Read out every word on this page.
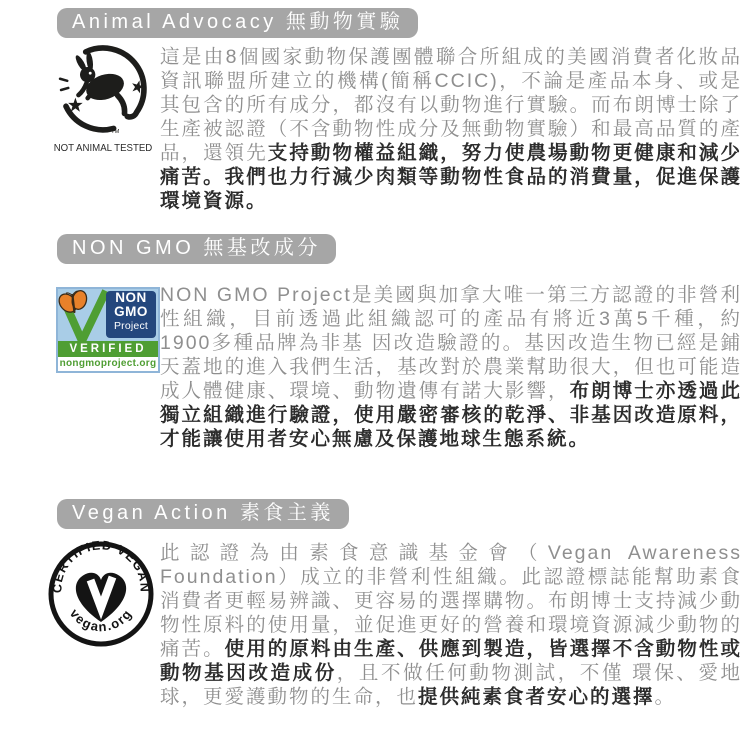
Animal Advocacy 無動物實驗
TM
NOT ANIMAL TESTED
這是由8個國家動物保護團體聯合所組成的美國消費者化妝品資訊聯盟所建立的機構(簡稱CCIC)，不論是產品本身、或是其包含的所有成分，都沒有以動物進行實驗。而布朗博士除了生產被認證（不含動物性成分及無動物實驗）和最高品質的產品，還領先支持動物權益組織，努力使農場動物更健康和減少痛苦。我們也力行減少肉類等動物性食品的消費量，促進保護環境資源。
NON GMO 無基改成分
NON
GMO
Project
VERIFIED
nongmoproject.org
NON GMO Project是美國與加拿大唯一第三方認證的非營利性組織，目前透過此組織認可的產品有將近3萬5千種，約1900多種品牌為非基 因改造驗證的。基因改造生物已經是鋪天蓋地的進入我們生活，基改對於農業幫助很大，但也可能造成人體健康、環境、動物遺傳有諾大影響，布朗博士亦透過此獨立組織進行驗證，使用嚴密審核的乾淨、非基因改造原料，才能讓使用者安心無慮及保護地球生態系統。
Vegan Action 素食主義
CERTIFIED VEGAN
vegan.org
此認證為由素食意識基金會（Vegan Awareness Foundation）成立的非營利性組織。此認證標誌能幫助素食消費者更輕易辨識、更容易的選擇購物。布朗博士支持減少動物性原料的使用量，並促進更好的營養和環境資源減少動物的痛苦。使用的原料由生產、供應到製造，皆選擇不含動物性或動物基因改造成份，且不做任何動物測試，不僅 環保、愛地球，更愛護動物的生命，也提供純素食者安心的選擇。
